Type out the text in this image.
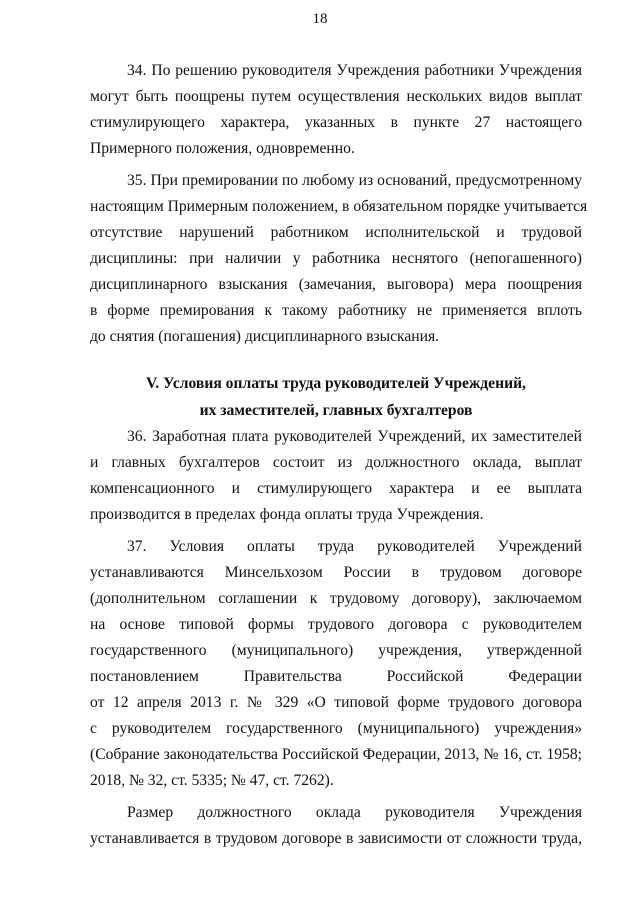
18
34. По решению руководителя Учреждения работники Учреждения
могут быть поощрены путем осуществления нескольких видов выплат
стимулирующего характера, указанных в пункте 27 настоящего
Примерного положения, одновременно.
35. При премировании по любому из оснований, предусмотренному
настоящим Примерным положением, в обязательном порядке учитывается
отсутствие нарушений работником исполнительской и трудовой
дисциплины: при наличии у работника неснятого (непогашенного)
дисциплинарного взыскания (замечания, выговора) мера поощрения
в форме премирования к такому работнику не применяется вплоть
до снятия (погашения) дисциплинарного взыскания.
V. Условия оплаты труда руководителей Учреждений,
их заместителей, главных бухгалтеров
36. Заработная плата руководителей Учреждений, их заместителей
и главных бухгалтеров состоит из должностного оклада, выплат
компенсационного и стимулирующего характера и ее выплата
производится в пределах фонда оплаты труда Учреждения.
37. Условия оплаты труда руководителей Учреждений
устанавливаются Минсельхозом России в трудовом договоре
(дополнительном соглашении к трудовому договору), заключаемом
на основе типовой формы трудового договора с руководителем
государственного (муниципального) учреждения, утвержденной
постановлением Правительства Российской Федерации
от 12 апреля 2013 г. № 329 «О типовой форме трудового договора
с руководителем государственного (муниципального) учреждения»
(Собрание законодательства Российской Федерации, 2013, № 16, ст. 1958;
2018, № 32, ст. 5335; № 47, ст. 7262).
Размер должностного оклада руководителя Учреждения
устанавливается в трудовом договоре в зависимости от сложности труда,
